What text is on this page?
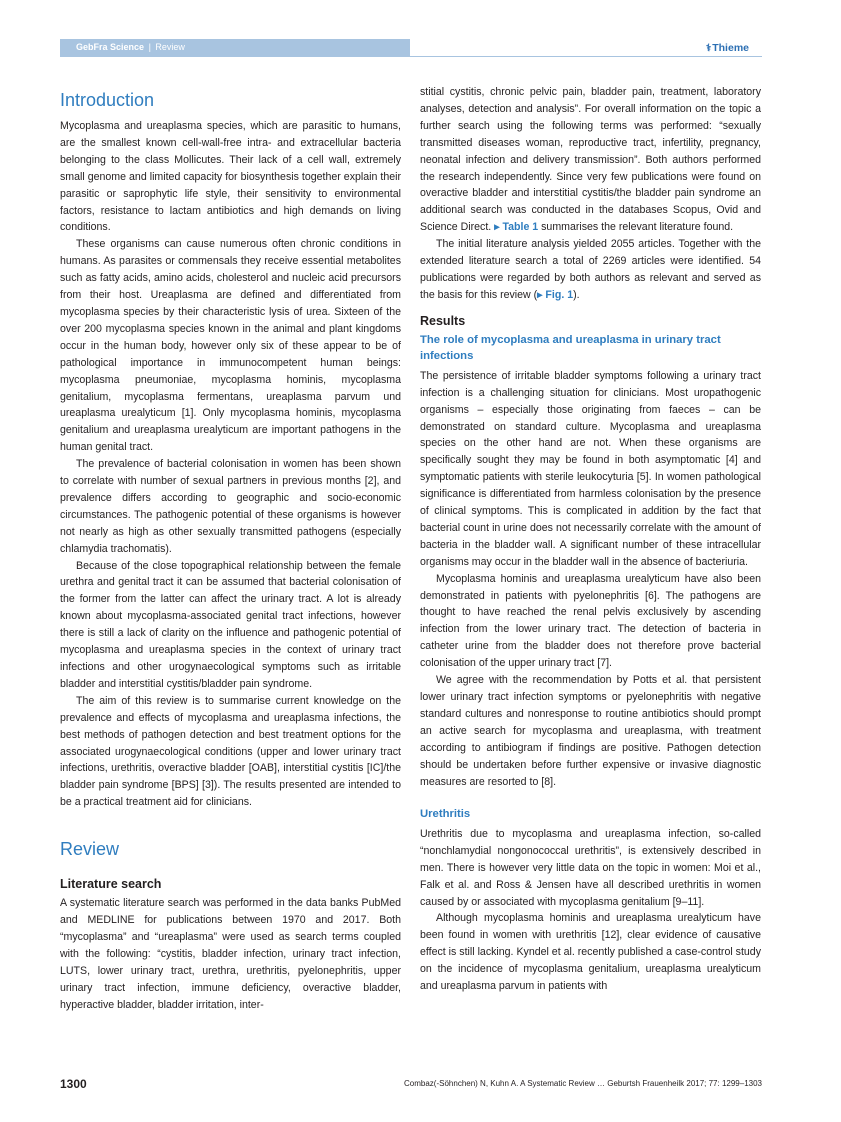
GebFra Science | Review	⚕Thieme
Introduction

Mycoplasma and ureaplasma species, which are parasitic to humans, are the smallest known cell-wall-free intra- and extracellular bacteria belonging to the class Mollicutes. Their lack of a cell wall, extremely small genome and limited capacity for biosynthesis together explain their parasitic or saprophytic life style, their sensitivity to environmental factors, resistance to lactam antibiotics and high demands on living conditions.

These organisms can cause numerous often chronic conditions in humans. As parasites or commensals they receive essential metabolites such as fatty acids, amino acids, cholesterol and nucleic acid precursors from their host. Ureaplasma are defined and differentiated from mycoplasma species by their characteristic lysis of urea. Sixteen of the over 200 mycoplasma species known in the animal and plant kingdoms occur in the human body, however only six of these appear to be of pathological importance in immunocompetent human beings: mycoplasma pneumoniae, mycoplasma hominis, mycoplasma genitalium, mycoplasma fermentans, ureaplasma parvum und ureaplasma urealyticum [1]. Only mycoplasma hominis, mycoplasma genitalium and ureaplasma urealyticum are important pathogens in the human genital tract.

The prevalence of bacterial colonisation in women has been shown to correlate with number of sexual partners in previous months [2], and prevalence differs according to geographic and socio-economic circumstances. The pathogenic potential of these organisms is however not nearly as high as other sexually transmitted pathogens (especially chlamydia trachomatis).

Because of the close topographical relationship between the female urethra and genital tract it can be assumed that bacterial colonisation of the former from the latter can affect the urinary tract. A lot is already known about mycoplasma-associated genital tract infections, however there is still a lack of clarity on the influence and pathogenic potential of mycoplasma and ureaplasma species in the context of urinary tract infections and other urogynaecological symptoms such as irritable bladder and interstitial cystitis/bladder pain syndrome.

The aim of this review is to summarise current knowledge on the prevalence and effects of mycoplasma and ureaplasma infections, the best methods of pathogen detection and best treatment options for the associated urogynaecological conditions (upper and lower urinary tract infections, urethritis, overactive bladder [OAB], interstitial cystitis [IC]/the bladder pain syndrome [BPS] [3]). The results presented are intended to be a practical treatment aid for clinicians.

Review
Literature search

A systematic literature search was performed in the data banks PubMed and MEDLINE for publications between 1970 and 2017. Both “mycoplasma” and “ureaplasma” were used as search terms coupled with the following: “cystitis, bladder infection, urinary tract infection, LUTS, lower urinary tract, urethra, urethritis, pyelonephritis, upper urinary tract infection, immune deficiency, overactive bladder, hyperactive bladder, bladder irritation, inter-

stitial cystitis, chronic pelvic pain, bladder pain, treatment, laboratory analyses, detection and analysis”. For overall information on the topic a further search using the following terms was performed: “sexually transmitted diseases woman, reproductive tract, infertility, pregnancy, neonatal infection and delivery transmission”. Both authors performed the research independently. Since very few publications were found on overactive bladder and interstitial cystitis/the bladder pain syndrome an additional search was conducted in the databases Scopus, Ovid and Science Direct. ▸ Table 1 summarises the relevant literature found.

The initial literature analysis yielded 2055 articles. Together with the extended literature search a total of 2269 articles were identified. 54 publications were regarded by both authors as relevant and served as the basis for this review (▸ Fig. 1).

Results
The role of mycoplasma and ureaplasma in urinary tract infections

The persistence of irritable bladder symptoms following a urinary tract infection is a challenging situation for clinicians. Most uropathogenic organisms – especially those originating from faeces – can be demonstrated on standard culture. Mycoplasma and ureaplasma species on the other hand are not. When these organisms are specifically sought they may be found in both asymptomatic [4] and symptomatic patients with sterile leukocyturia [5]. In women pathological significance is differentiated from harmless colonisation by the presence of clinical symptoms. This is complicated in addition by the fact that bacterial count in urine does not necessarily correlate with the amount of bacteria in the bladder wall. A significant number of these intracellular organisms may occur in the bladder wall in the absence of bacteriuria.

Mycoplasma hominis and ureaplasma urealyticum have also been demonstrated in patients with pyelonephritis [6]. The pathogens are thought to have reached the renal pelvis exclusively by ascending infection from the lower urinary tract. The detection of bacteria in catheter urine from the bladder does not therefore prove bacterial colonisation of the upper urinary tract [7].

We agree with the recommendation by Potts et al. that persistent lower urinary tract infection symptoms or pyelonephritis with negative standard cultures and nonresponse to routine antibiotics should prompt an active search for mycoplasma and ureaplasma, with treatment according to antibiogram if findings are positive. Pathogen detection should be undertaken before further expensive or invasive diagnostic measures are resorted to [8].

Urethritis

Urethritis due to mycoplasma and ureaplasma infection, so-called “nonchlamydial nongonococcal urethritis”, is extensively described in men. There is however very little data on the topic in women: Moi et al., Falk et al. and Ross & Jensen have all described urethritis in women caused by or associated with mycoplasma genitalium [9–11].

Although mycoplasma hominis and ureaplasma urealyticum have been found in women with urethritis [12], clear evidence of causative effect is still lacking. Kyndel et al. recently published a case-control study on the incidence of mycoplasma genitalium, ureaplasma urealyticum and ureaplasma parvum in patients with

1300	Combaz(-Söhnchen) N, Kuhn A. A Systematic Review … Geburtsh Frauenheilk 2017; 77: 1299–1303
